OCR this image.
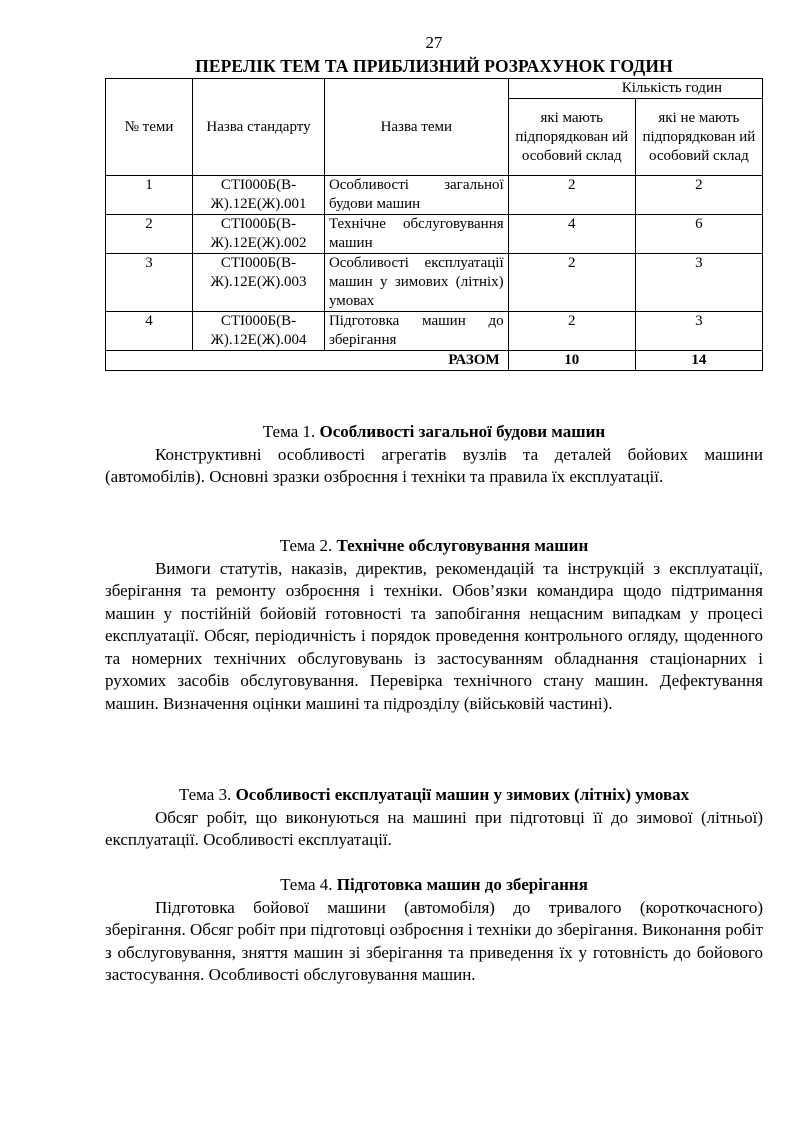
27
ПЕРЕЛІК ТЕМ ТА ПРИБЛИЗНИЙ РОЗРАХУНОК ГОДИН
№ теми	Назва стандарту	Назва теми	Кількість годин	
			які мають підпорядкован ий особовий склад	які не мають підпорядкован ий особовий склад
1	СТІ000Б(В-Ж).12Е(Ж).001	Особливості загальної будови машин	2	2
2	СТІ000Б(В-Ж).12Е(Ж).002	Технічне обслуговування машин	4	6
3	СТІ000Б(В-Ж).12Е(Ж).003	Особливості експлуатації машин у зимових (літніх) умовах	2	3
4	СТІ000Б(В-Ж).12Е(Ж).004	Підготовка машин до зберігання	2	3
РАЗОМ			10	14
Тема 1. Особливості загальної будови машин

Конструктивні особливості агрегатів вузлів та деталей бойових машини (автомобілів). Основні зразки озброєння і техніки та правила їх експлуатації.

Тема 2. Технічне обслуговування машин

Вимоги статутів, наказів, директив, рекомендацій та інструкцій з експлуатації, зберігання та ремонту озброєння і техніки. Обов’язки командира щодо підтримання машин у постійній бойовій готовності та запобігання нещасним випадкам у процесі експлуатації. Обсяг, періодичність і порядок проведення контрольного огляду, щоденного та номерних технічних обслуговувань із застосуванням обладнання стаціонарних і рухомих засобів обслуговування. Перевірка технічного стану машин. Дефектування машин. Визначення оцінки машині та підрозділу (військовій частині).

Тема 3. Особливості експлуатації машин у зимових (літніх) умовах

Обсяг робіт, що виконуються на машині при підготовці її до зимової (літньої) експлуатації. Особливості експлуатації.

Тема 4. Підготовка машин до зберігання

Підготовка бойової машини (автомобіля) до тривалого (короткочасного) зберігання. Обсяг робіт при підготовці озброєння і техніки до зберігання. Виконання робіт з обслуговування, зняття машин зі зберігання та приведення їх у готовність до бойового застосування. Особливості обслуговування машин.
